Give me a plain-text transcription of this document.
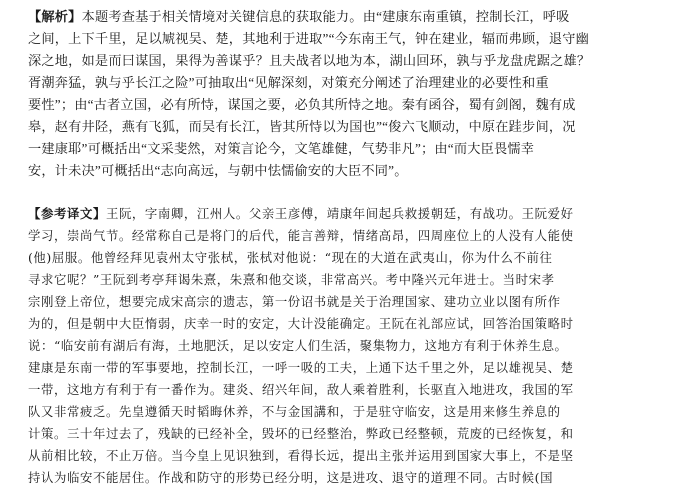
【解析】本题考查基于相关情境对关键信息的获取能力。由“建康东南重镇，控制长江，呼吸
之间，上下千里，足以虓视吴、楚，其地利于进取”“今东南王气，钟在建业，辐而弗顾，退守幽
深之地，如是而曰谋国，果得为善谋乎？且夫战者以地为本，湖山回环，孰与乎龙盘虎踞之雄？
胥潮奔猛，孰与乎长江之险”可抽取出“见解深刻，对策充分阐述了治理建业的必要性和重
要性”；由“古者立国，必有所恃，谋国之要，必负其所恃之地。秦有函谷，蜀有剑阁，魏有成
皋，赵有井陉，燕有飞狐，而吴有长江，皆其所恃以为国也”“俊六飞顺动，中原在跬步间，况
一建康耶”可概括出“文采斐然，对策言论今，文笔雄健，气势非凡”；由“而大臣畏懦幸
安，计未决”可概括出“志向高远，与朝中怯懦偷安的大臣不同”。
【参考译文】王阮，字南卿，江州人。父亲王彦傅，靖康年间起兵救援朝廷，有战功。王阮爱好
学习，崇尚气节。经常称自己是将门的后代，能言善辩，情绪高昂，四周座位上的人没有人能使
(他)屈服。他曾经拜见袁州太守张栻，张栻对他说：“现在的大道在武夷山，你为什么不前往
寻求它呢？”王阮到考亭拜谒朱熹，朱熹和他交谈，非常高兴。考中隆兴元年进士。当时宋孝
宗刚登上帝位，想要完成宋高宗的遗志，第一份诏书就是关于治理国家、建功立业以图有所作
为的，但是朝中大臣惰弱，庆幸一时的安定，大计没能确定。王阮在礼部应试，回答治国策略时
说：“临安前有湖后有海，土地肥沃，足以安定人们生活，聚集物力，这地方有利于休养生息。
建康是东南一带的军事要地，控制长江，一呼一吸的工夫，上通下达千里之外，足以雄视吴、楚
一带，这地方有利于有一番作为。建炎、绍兴年间，敌人乘着胜利，长驱直入地进攻，我国的军
队又非常疲乏。先皇遵循天时韬晦休养，不与金国講和，于是驻守临安，这是用来修生养息的
计策。三十年过去了，残缺的已经补全，毁坏的已经整治，弊政已经整顿，荒废的已经恢复，和
从前相比较，不止万倍。当今皇上见识独到，看得长远，提出主张并运用到国家大事上，不是坚
持认为临安不能居住。作战和防守的形势已经分明，这是进攻、退守的道理不同。古时候(国
